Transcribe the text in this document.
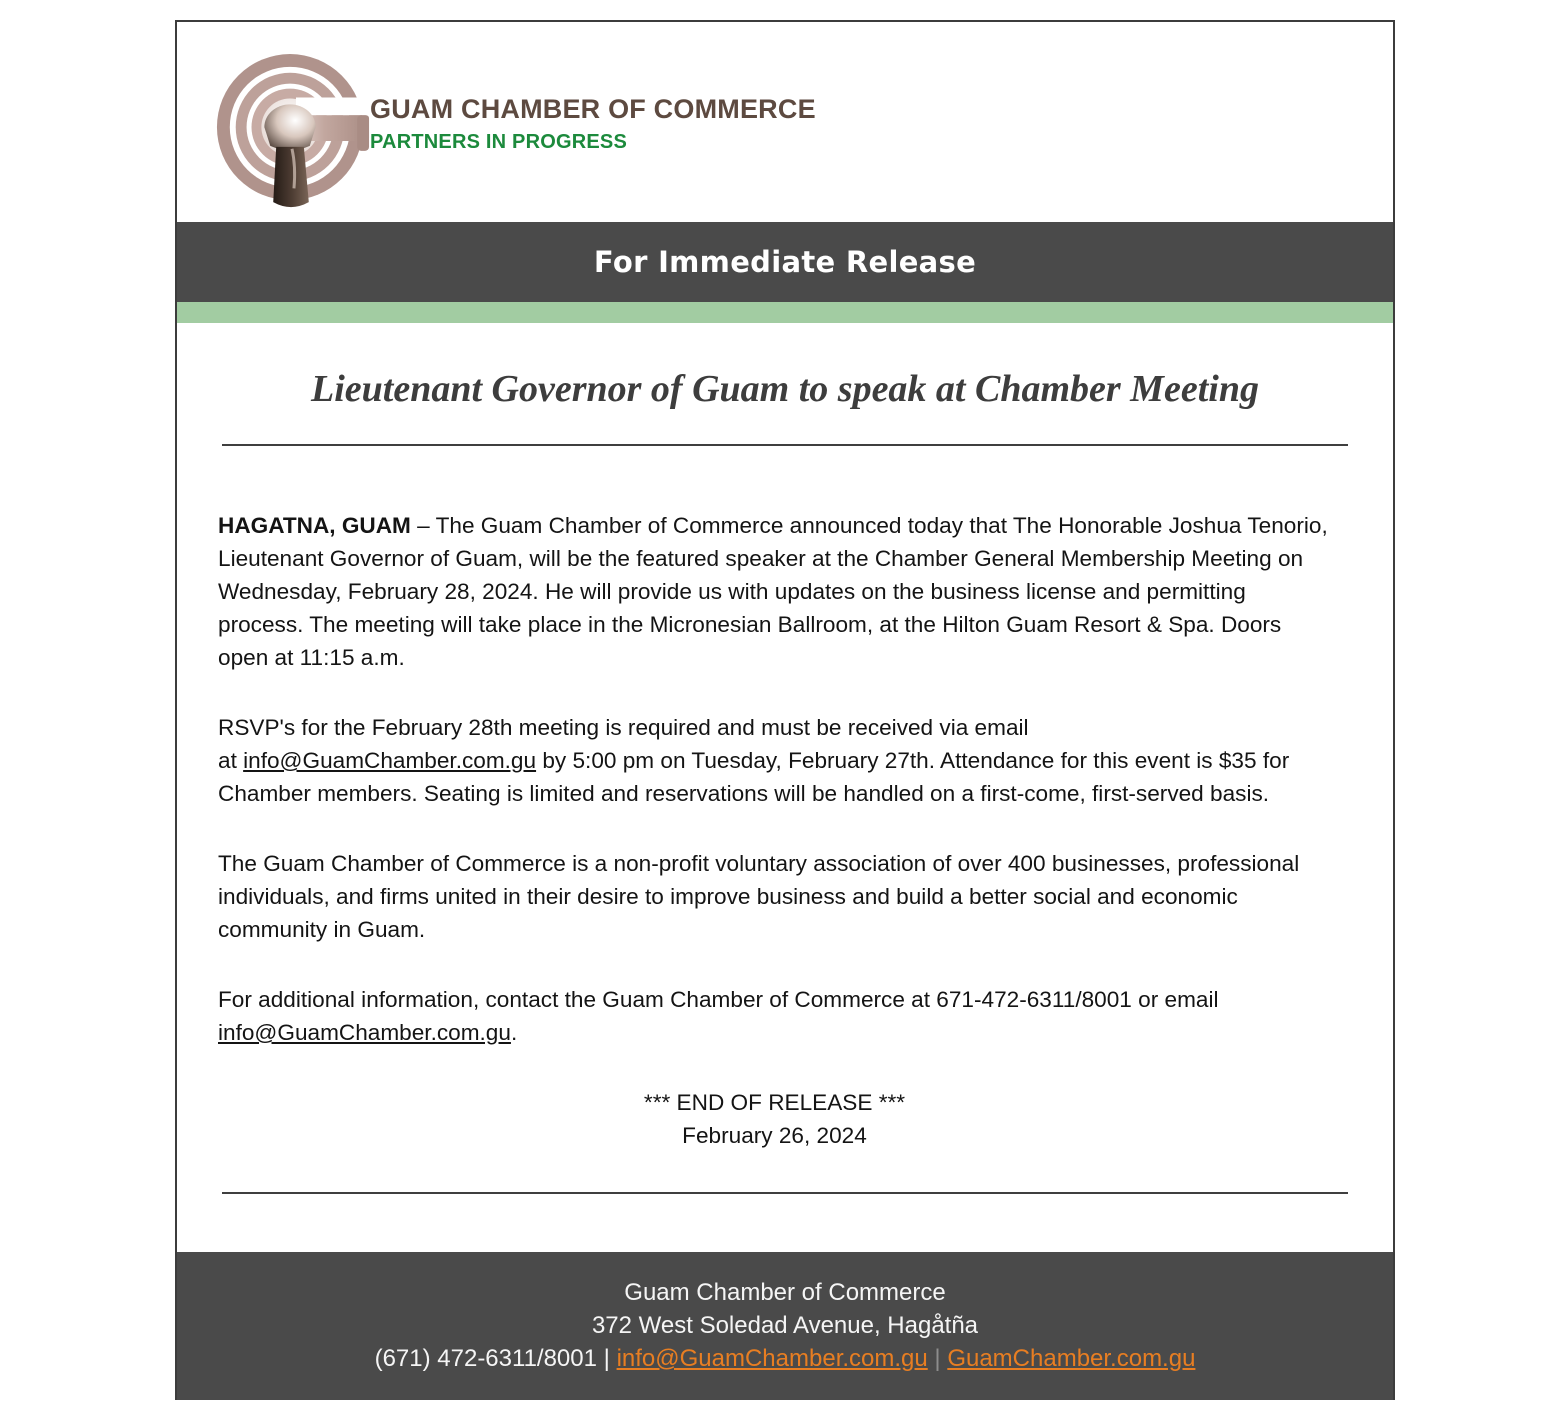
GUAM CHAMBER OF COMMERCE
PARTNERS IN PROGRESS
For Immediate Release
Lieutenant Governor of Guam to speak at Chamber Meeting

HAGATNA, GUAM – The Guam Chamber of Commerce announced today that The Honorable Joshua Tenorio, Lieutenant Governor of Guam, will be the featured speaker at the Chamber General Membership Meeting on Wednesday, February 28, 2024. He will provide us with updates on the business license and permitting process. The meeting will take place in the Micronesian Ballroom, at the Hilton Guam Resort & Spa. Doors open at 11:15 a.m.

RSVP's for the February 28th meeting is required and must be received via email
at info@GuamChamber.com.gu by 5:00 pm on Tuesday, February 27th. Attendance for this event is $35 for Chamber members. Seating is limited and reservations will be handled on a first-come, first-served basis.

The Guam Chamber of Commerce is a non-profit voluntary association of over 400 businesses, professional individuals, and firms united in their desire to improve business and build a better social and economic community in Guam.

For additional information, contact the Guam Chamber of Commerce at 671-472-6311/8001 or email info@GuamChamber.com.gu.

*** END OF RELEASE ***
February 26, 2024
Guam Chamber of Commerce
372 West Soledad Avenue, Hagåtña
(671) 472-6311/8001 | info@GuamChamber.com.gu | GuamChamber.com.gu
